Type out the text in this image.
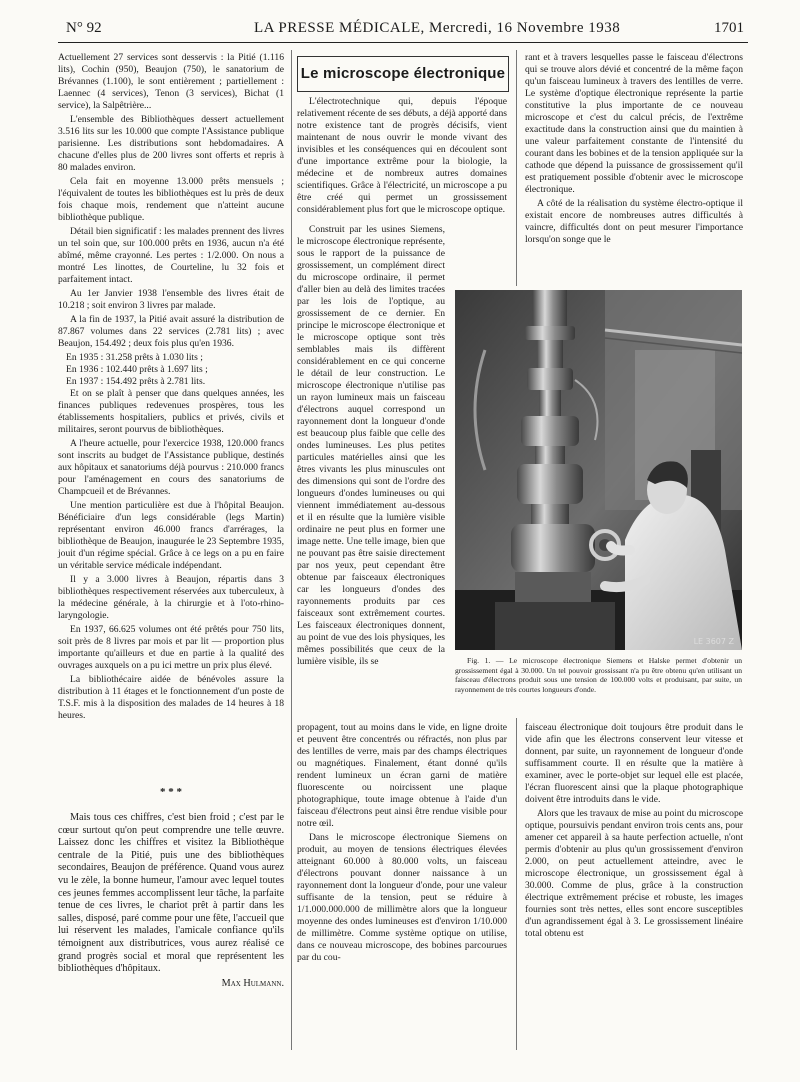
N° 92	LA PRESSE MÉDICALE, Mercredi, 16 Novembre 1938	1701

Actuellement 27 services sont desservis : la Pitié (1.116 lits), Cochin (950), Beaujon (750), le sanatorium de Brévannes (1.100), le sont entièrement ; partiellement : Laennec (4 services), Tenon (3 services), Bichat (1 service), la Salpêtrière...

L'ensemble des Bibliothèques dessert actuellement 3.516 lits sur les 10.000 que compte l'Assistance publique parisienne. Les distributions sont hebdomadaires. A chacune d'elles plus de 200 livres sont offerts et repris à 80 malades environ.

Cela fait en moyenne 13.000 prêts mensuels ; l'équivalent de toutes les bibliothèques est lu près de deux fois chaque mois, rendement que n'atteint aucune bibliothèque publique.

Détail bien significatif : les malades prennent des livres un tel soin que, sur 100.000 prêts en 1936, aucun n'a été abîmé, même crayonné. Les pertes : 1/2.000. On nous a montré Les linottes, de Courteline, lu 32 fois et parfaitement intact.

Au 1er Janvier 1938 l'ensemble des livres était de 10.218 ; soit environ 3 livres par malade.

A la fin de 1937, la Pitié avait assuré la distribution de 87.867 volumes dans 22 services (2.781 lits) ; avec Beaujon, 154.492 ; deux fois plus qu'en 1936.

En 1935 : 31.258 prêts à 1.030 lits ;

En 1936 : 102.440 prêts à 1.697 lits ;

En 1937 : 154.492 prêts à 2.781 lits.

Et on se plaît à penser que dans quelques années, les finances publiques redevenues prospères, tous les établissements hospitaliers, publics et privés, civils et militaires, seront pourvus de bibliothèques.

A l'heure actuelle, pour l'exercice 1938, 120.000 francs sont inscrits au budget de l'Assistance publique, destinés aux hôpitaux et sanatoriums déjà pourvus : 210.000 francs pour l'aménagement en cours des sanatoriums de Champcueil et de Brévannes.

Une mention particulière est due à l'hôpital Beaujon. Bénéficiaire d'un legs considérable (legs Martin) représentant environ 46.000 francs d'arrérages, la bibliothèque de Beaujon, inaugurée le 23 Septembre 1935, jouit d'un régime spécial. Grâce à ce legs on a pu en faire un véritable service médicale indépendant.

Il y a 3.000 livres à Beaujon, répartis dans 3 bibliothèques respectivement réservées aux tuberculeux, à la médecine générale, à la chirurgie et à l'oto-rhino-laryngologie.

En 1937, 66.625 volumes ont été prêtés pour 750 lits, soit près de 8 livres par mois et par lit — proportion plus importante qu'ailleurs et due en partie à la qualité des ouvrages auxquels on a pu ici mettre un prix plus élevé.

La bibliothécaire aidée de bénévoles assure la distribution à 11 étages et le fonctionnement d'un poste de T.S.F. mis à la disposition des malades de 14 heures à 18 heures.

* * *

Mais tous ces chiffres, c'est bien froid ; c'est par le cœur surtout qu'on peut comprendre une telle œuvre. Laissez donc les chiffres et visitez la Bibliothèque centrale de la Pitié, puis une des bibliothèques secondaires, Beaujon de préférence. Quand vous aurez vu le zèle, la bonne humeur, l'amour avec lequel toutes ces jeunes femmes accomplissent leur tâche, la parfaite tenue de ces livres, le chariot prêt à partir dans les salles, disposé, paré comme pour une fête, l'accueil que lui réservent les malades, l'amicale confiance qu'ils témoignent aux distributrices, vous aurez réalisé ce grand progrès social et moral que représentent les bibliothèques d'hôpitaux.

Max Hulmann.

Le microscope électronique

L'électrotechnique qui, depuis l'époque relativement récente de ses débuts, a déjà apporté dans notre existence tant de progrès décisifs, vient maintenant de nous ouvrir le monde vivant des invisibles et les conséquences qui en découlent sont d'une importance extrême pour la biologie, la médecine et de nombreux autres domaines scientifiques. Grâce à l'électricité, un microscope a pu être créé qui permet un grossissement considérablement plus fort que le microscope optique.

Construit par les usines Siemens, le microscope électronique représente, sous le rapport de la puissance de grossissement, un complément direct du microscope ordinaire, il permet d'aller bien au delà des limites tracées par les lois de l'optique, au grossissement de ce dernier. En principe le microscope électronique et le microscope optique sont très semblables mais ils diffèrent considérablement en ce qui concerne le détail de leur construction. Le microscope électronique n'utilise pas un rayon lumineux mais un faisceau d'électrons auquel correspond un rayonnement dont la longueur d'onde est beaucoup plus faible que celle des ondes lumineuses. Les plus petites particules matérielles ainsi que les êtres vivants les plus minuscules ont des dimensions qui sont de l'ordre des longueurs d'ondes lumineuses ou qui viennent immédiatement au-dessous et il en résulte que la lumière visible ordinaire ne peut plus en former une image nette. Une telle image, bien que ne pouvant pas être saisie directement par nos yeux, peut cependant être obtenue par faisceaux électroniques car les longueurs d'ondes des rayonnements produits par ces faisceaux sont extrêmement courtes. Les faisceaux électroniques donnent, au point de vue des lois physiques, les mêmes possibilités que ceux de la lumière visible, ils se

propagent, tout au moins dans le vide, en ligne droite et peuvent être concentrés ou réfractés, non plus par des lentilles de verre, mais par des champs électriques ou magnétiques. Finalement, étant donné qu'ils rendent lumineux un écran garni de matière fluorescente ou noircissent une plaque photographique, toute image obtenue à l'aide d'un faisceau d'électrons peut ainsi être rendue visible pour notre œil.

Dans le microscope électronique Siemens on produit, au moyen de tensions électriques élevées atteignant 60.000 à 80.000 volts, un faisceau d'électrons pouvant donner naissance à un rayonnement dont la longueur d'onde, pour une valeur suffisante de la tension, peut se réduire à 1/1.000.000.000 de millimètre alors que la longueur moyenne des ondes lumineuses est d'environ 1/10.000 de millimètre. Comme système optique on utilise, dans ce nouveau microscope, des bobines parcourues par du cou-

rant et à travers lesquelles passe le faisceau d'électrons qui se trouve alors dévié et concentré de la même façon qu'un faisceau lumineux à travers des lentilles de verre. Le système d'optique électronique représente la partie constitutive la plus importante de ce nouveau microscope et c'est du calcul précis, de l'extrême exactitude dans la construction ainsi que du maintien à une valeur parfaitement constante de l'intensité du courant dans les bobines et de la tension appliquée sur la cathode que dépend la puissance de grossissement qu'il est pratiquement possible d'obtenir avec le microscope électronique.

A côté de la réalisation du système électro-optique il existait encore de nombreuses autres difficultés à vaincre, difficultés dont on peut mesurer l'importance lorsqu'on songe que le

faisceau électronique doit toujours être produit dans le vide afin que les électrons conservent leur vitesse et donnent, par suite, un rayonnement de longueur d'onde suffisamment courte. Il en résulte que la matière à examiner, avec le porte-objet sur lequel elle est placée, l'écran fluorescent ainsi que la plaque photographique doivent être introduits dans le vide.

Alors que les travaux de mise au point du microscope optique, poursuivis pendant environ trois cents ans, pour amener cet appareil à sa haute perfection actuelle, n'ont permis d'obtenir au plus qu'un grossissement d'environ 2.000, on peut actuellement atteindre, avec le microscope électronique, un grossissement égal à 30.000. Comme de plus, grâce à la construction électrique extrêmement précise et robuste, les images fournies sont très nettes, elles sont encore susceptibles d'un agrandissement égal à 3. Le grossissement linéaire total obtenu est

LE 3607 Z

Fig. 1. — Le microscope électronique Siemens et Halske permet d'obtenir un grossissement égal à 30.000. Un tel pouvoir grossissant n'a pu être obtenu qu'en utilisant un faisceau d'électrons produit sous une tension de 100.000 volts et produisant, par suite, un rayonnement de très courtes longueurs d'onde.
